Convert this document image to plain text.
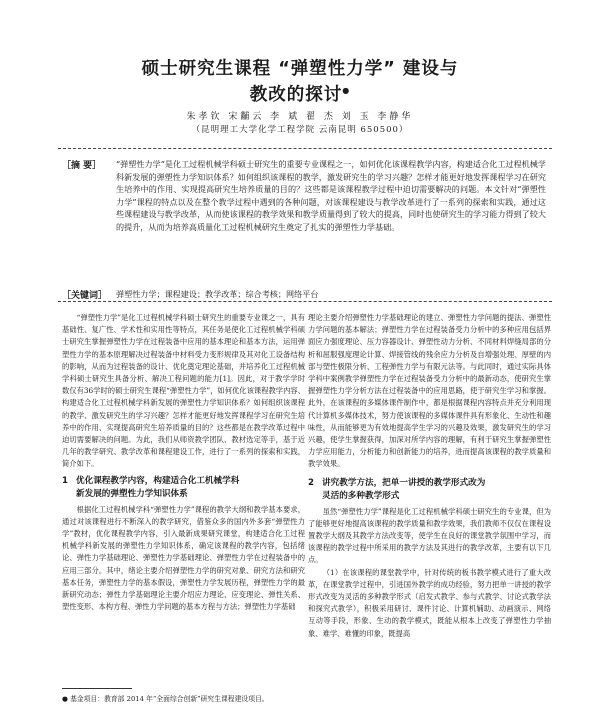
硕士研究生课程 “弹塑性力学” 建设与
教改的探讨●
朱孝钦 宋黼云 李 斌 翟 杰 刘 玉 李静华
（昆明理工大学化学工程学院 云南昆明 650500）
［摘 要］ “弹塑性力学”是化工过程机械学科硕士研究生的重要专业课程之一，如何优化该课程教学内容，构建适合化工过程机械学科新发展的弹塑性力学知识体系？如何组织该课程的教学，激发研究生的学习兴趣？怎样才能更好地发挥课程学习在研究生培养中的作用、实现提高研究生培养质量的目的？这些都是该课程教学过程中迫切需要解决的问题。本文针对“弹塑性力学”课程的特点以及在整个教学过程中遇到的各种问题，对该课程建设与教学改革进行了一系列的探索和实践，通过这些课程建设与教学改革，从而使该课程的教学效果和教学质量得到了较大的提高，同时也使研究生的学习能力得到了较大的提升，从而为培养高质量化工过程机械研究生奠定了扎实的弹塑性力学基础。
［关键词］ 弹塑性力学；课程建设；教学改革；综合考核；网络平台

“弹塑性力学”是化工过程机械学科硕士研究生的重要专业课之一，具有基础性、复广性、学术性和实用性等特点，其任务是使化工过程机械学科硕士研究生掌握弹塑性力学在过程装备中应用的基本理论和基本方法，运用弹塑性力学的基本原理解决过程装备中材料受力变形规律及其对化工设备结构的影响，从而为过程装备的设计、优化奠定理论基础，并培养化工过程机械学科硕士研究生具备分析、解决工程问题的能力[1]。因此，对于教学学时数仅有36学时的硕士研究生课程“弹塑性力学”，如何优化该课程教学内容、构建适合化工过程机械学科新发展的弹塑性力学知识体系？如何组织该课程的教学、激发研究生的学习兴趣？怎样才能更好地发挥课程学习在研究生培养中的作用、实现提高研究生培养质量的目的？这些都是在教学改革过程中迫切需要解决的问题。为此，我们从师资教学团队、教材选定等手，基于近几年的教学研究、教学改革和课程建设工作，进行了一系列的探索和实践，简介如下。

1 优化课程教学内容，构建适合化工机械学科
新发展的弹塑性力学知识体系

根据化工过程机械学科“弹塑性力学”课程的教学大纲和教学基本要求，通过对该课程进行不断深入的教学研究，借鉴众多的国内外多套“弹塑性力学”教材，优化课程教学内容，引入最新成果研究课堂，构建适合化工过程机械学科新发展的弹塑性力学知识体系，确定该课程的教学内容，包括绪论、弹性力学基础理论、弹塑性力学基础理论、弹塑性力学在过程装备中的应用三部分。其中，绪论主要介绍弹塑性力学的研究对象、研究方法和研究基本任务，弹塑性力学的基本假设，弹塑性力学发展历程，弹塑性力学的最新研究动态；弹性力学基础理论主要介绍应力理论、应变理论、弹性关系、塑性变形、本构方程、弹性力学问题的基本方程与方法；弹塑性力学基础

理论主要介绍弹塑性力学基础理论的建立、弹塑性力学问题的提法、弹塑性力学问题的基本解法；弹塑性力学在过程装备受力分析中的多种应用包括界面应力强度理论、压力容器设计、弹塑性动力分析、不同材料焊缝局部的分析和屈服强度理论计算、焊接管线的残余应力分析及自增强处理、厚壁的内部与塑性极限分析、工程弹性力学与有限元法等。与此同时，通过实际具体学科中案例教学弹塑性力学在过程装备受力分析中的最新动态，使研究生掌握弹塑性力学分析方法在过程装备中的应用思路，使于研究生学习和掌握。此外，在该课程的多媒体课件制作中，都是根据课程内容特点并充分利用现代计算机多媒体技术，努力使该课程的多媒体课件具有形象化、生动性和趣味性，从而能够更为有效地提高学生学习的兴趣及效果，激发研究生的学习兴趣，使学生掌握获得，加深对所学内容的理解，有利于研究生掌握弹塑性力学应用能力，分析能力和创新能力的培养，进而提高该课程的教学质量和教学效果。

2 讲究教学方法，把单一讲授的教学形式改为
灵活的多种教学形式

虽然“弹塑性力学”课程是化工过程机械学科硕士研究生的专业课，但为了能够更好地提高该课程的教学质量和教学效果，我们教师不仅仅在课程设置教学大纲及其教学方法改变等，使学生在良好的课堂教学氛围中学习，而该课程的教学过程中所采用的教学方法及其进行的教学改革，主要有以下几点。

（1）在该课程的课堂教学中，针对传统的板书教学模式进行了重大改革，在课堂教学过程中，引进国外教学的成功经验，努力把单一讲授的教学形式改变为灵活的多种教学形式（启发式教学、参与式教学、讨论式教学法和探究式教学），积极采用研讨、课件讨论、计算机辅助、动画演示、网络互动等手段，形象、生动的教学模式，既能从根本上改变了弹塑性力学抽象、难学、难懂的印象，既提高

● 基金项目：教育部 2014 年“全面综合创新”研究生课程建设项目。
